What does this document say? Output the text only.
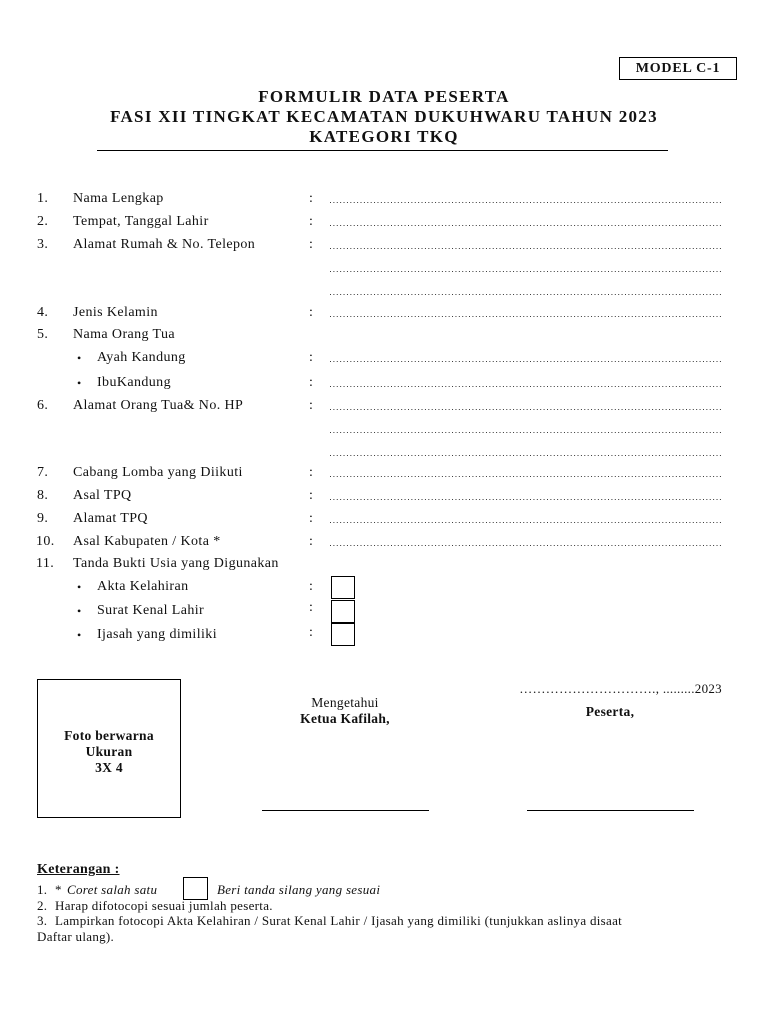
MODEL C-1
FORMULIR DATA PESERTA
FASI XII TINGKAT KECAMATAN DUKUHWARU TAHUN 2023
KATEGORI TKQ
1. Nama Lengkap	:
2. Tempat, Tanggal Lahir	:
3. Alamat Rumah & No. Telepon	:
4. Jenis Kelamin	:
5. Nama Orang Tua
• Ayah Kandung	:
• IbuKandung	:
6. Alamat Orang Tua& No. HP	:
7. Cabang Lomba yang Diikuti	:
8. Asal TPQ	:
9. Alamat TPQ	:
10. Asal Kabupaten / Kota *	:
11. Tanda Bukti Usia yang Digunakan
• Akta Kelahiran	:
• Surat Kenal Lahir	:
• Ijasah yang dimiliki	:
Foto berwarna
Ukuran
3X 4
Mengetahui
Ketua Kafilah,
…………………………., .........2023
Peserta,
Keterangan :
1. * Coret salah satu	Beri tanda silang yang sesuai
2. Harap difotocopi sesuai jumlah peserta.
3. Lampirkan fotocopi Akta Kelahiran / Surat Kenal Lahir / Ijasah yang dimiliki (tunjukkan aslinya disaat
Daftar ulang).
